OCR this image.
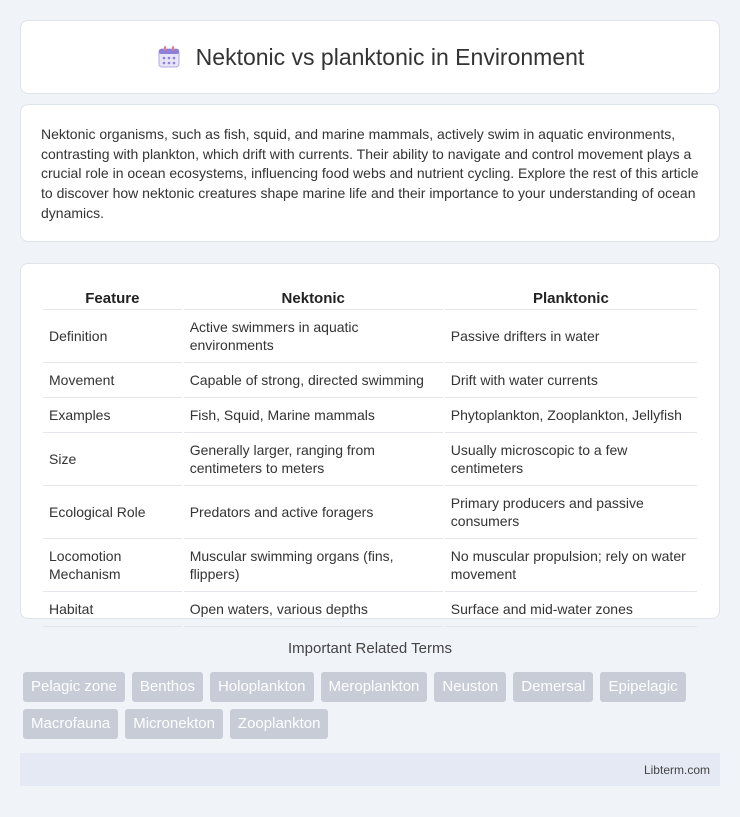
Nektonic vs planktonic in Environment

Nektonic organisms, such as fish, squid, and marine mammals, actively swim in aquatic environments, contrasting with plankton, which drift with currents. Their ability to navigate and control movement plays a crucial role in ocean ecosystems, influencing food webs and nutrient cycling. Explore the rest of this article to discover how nektonic creatures shape marine life and their importance to your understanding of ocean dynamics.

Feature	Nektonic	Planktonic
Definition	Active swimmers in aquatic environments	Passive drifters in water
Movement	Capable of strong, directed swimming	Drift with water currents
Examples	Fish, Squid, Marine mammals	Phytoplankton, Zooplankton, Jellyfish
Size	Generally larger, ranging from centimeters to meters	Usually microscopic to a few centimeters
Ecological Role	Predators and active foragers	Primary producers and passive consumers
Locomotion Mechanism	Muscular swimming organs (fins, flippers)	No muscular propulsion; rely on water movement
Habitat	Open waters, various depths	Surface and mid-water zones
Important Related Terms
Pelagic zone	Benthos	Holoplankton	Meroplankton	Neuston	Demersal	Epipelagic
Macrofauna	Micronekton	Zooplankton
Libterm.com
